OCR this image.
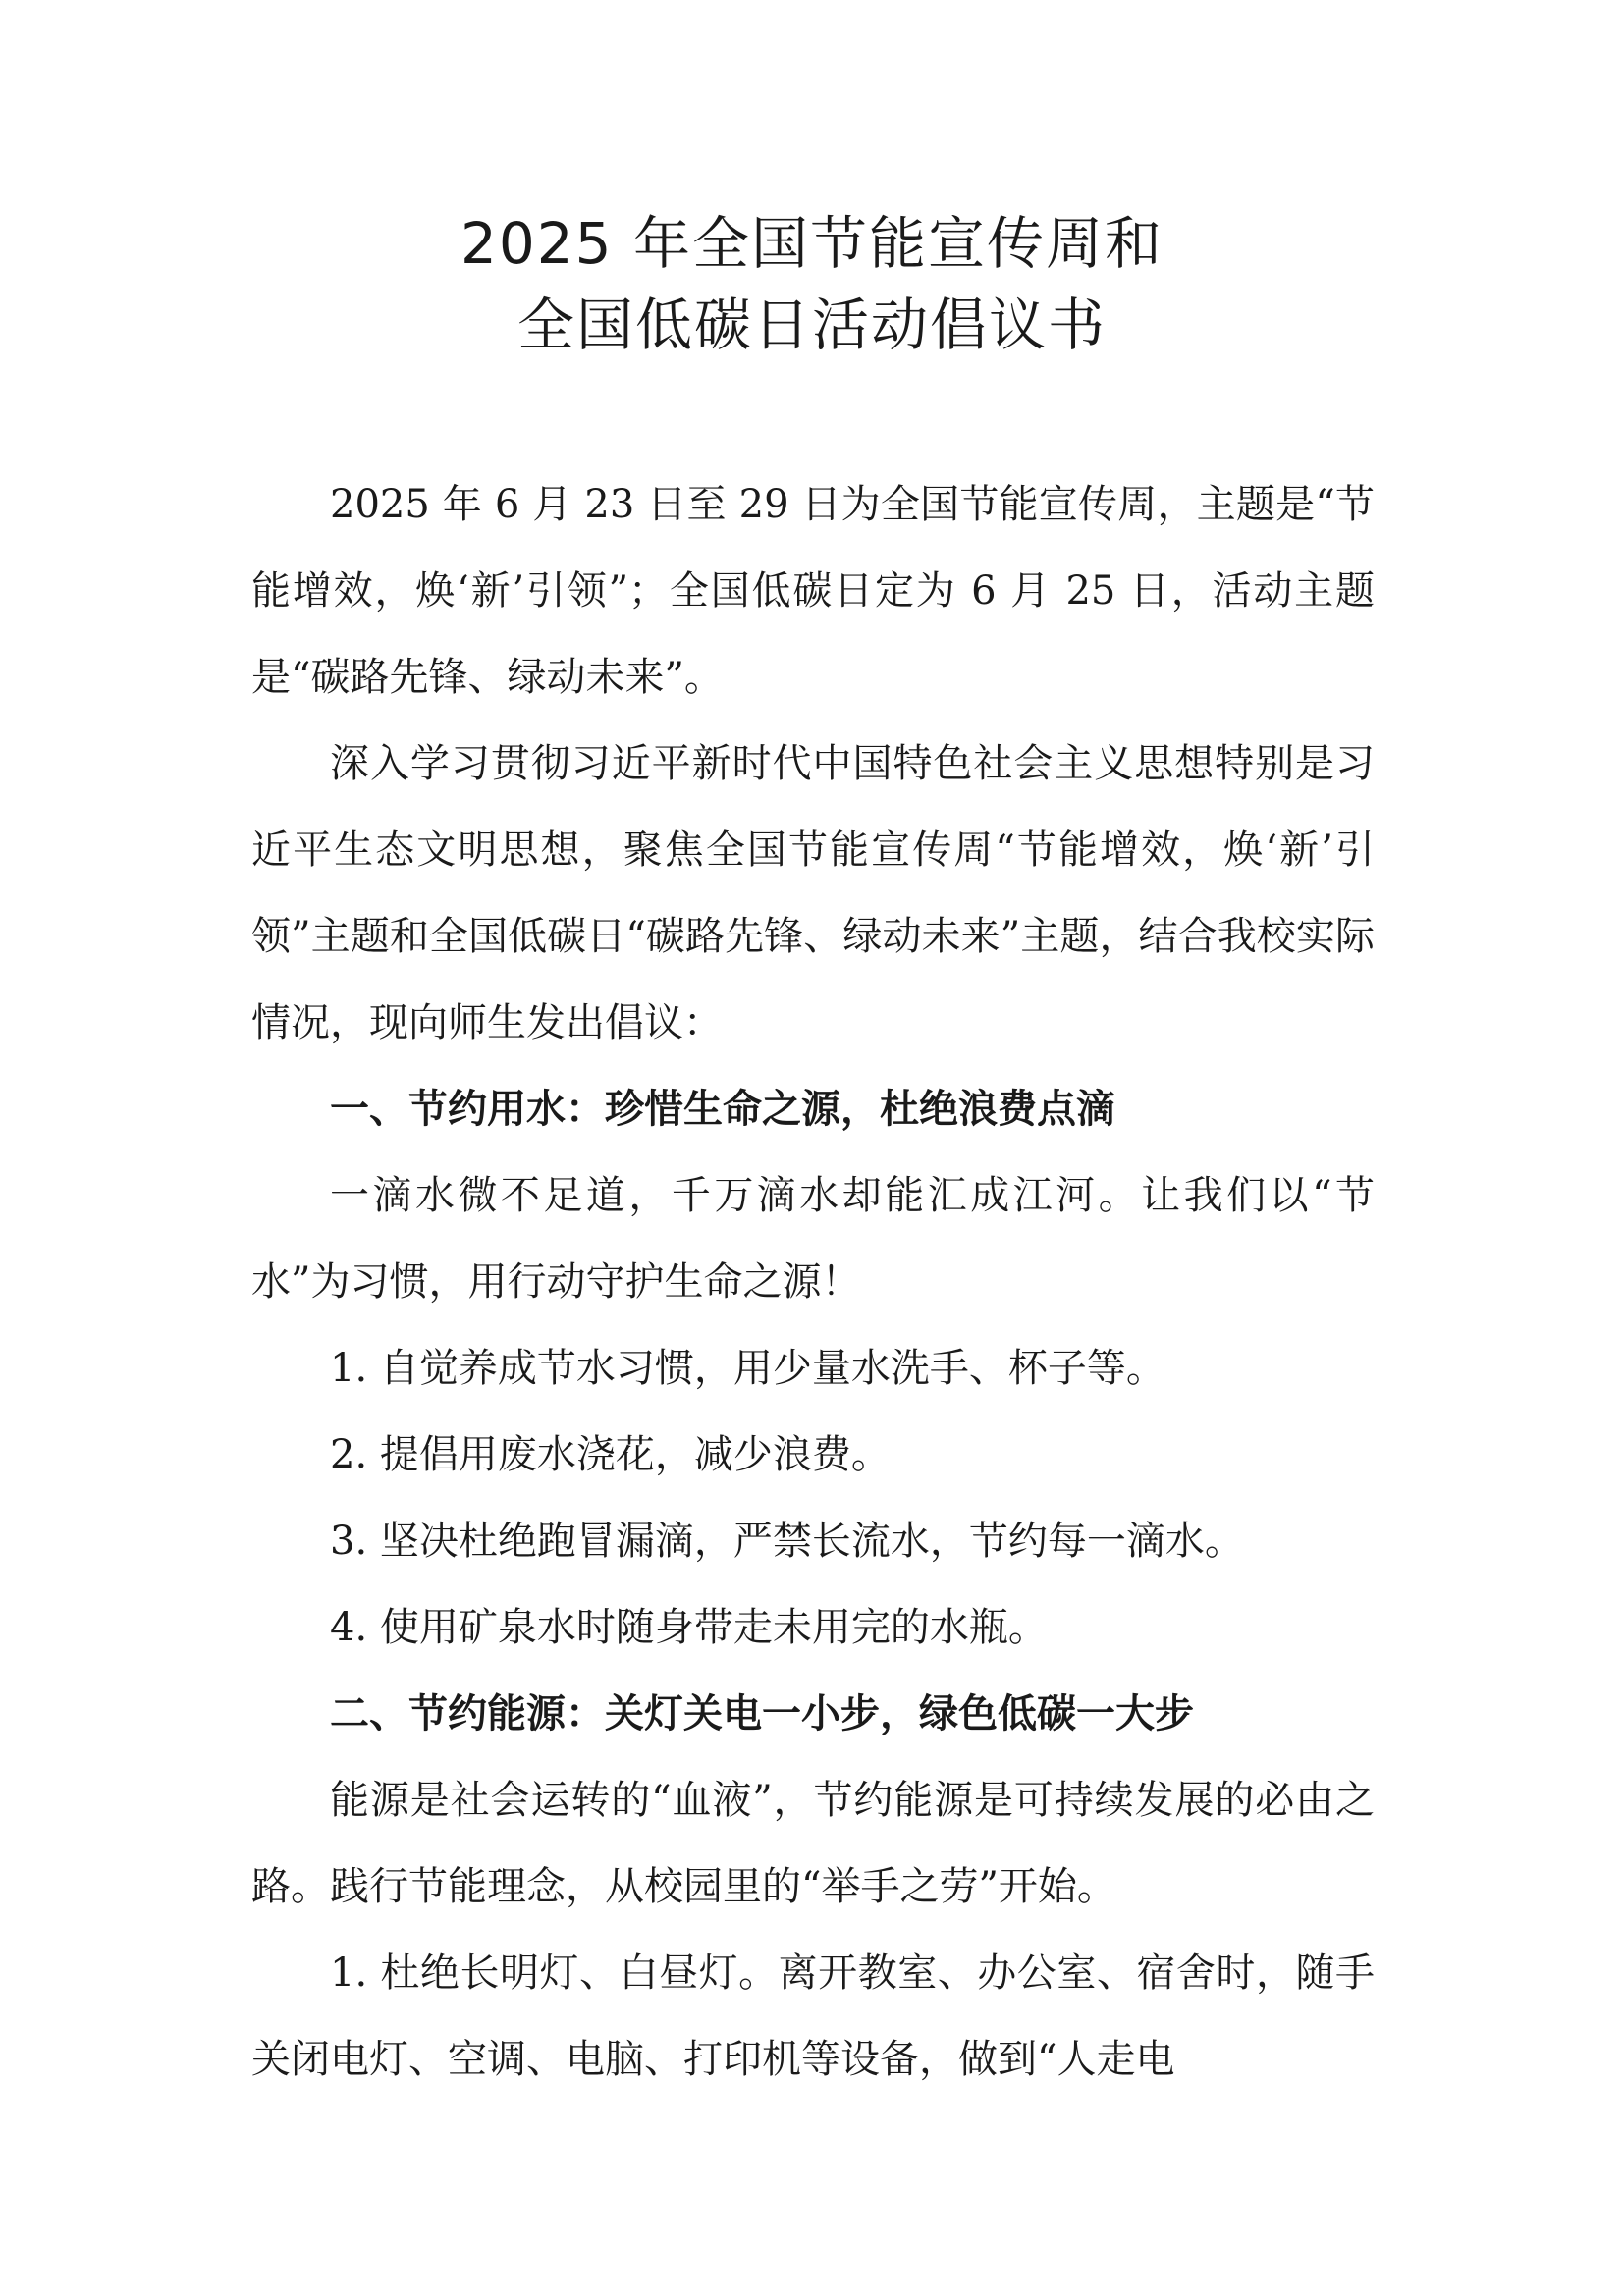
2025 年全国节能宣传周和
全国低碳日活动倡议书

2025 年 6 月 23 日至 29 日为全国节能宣传周，主题是“节能增效，焕‘新’引领”；全国低碳日定为 6 月 25 日，活动主题是“碳路先锋、绿动未来”。

深入学习贯彻习近平新时代中国特色社会主义思想特别是习近平生态文明思想，聚焦全国节能宣传周“节能增效，焕‘新’引领”主题和全国低碳日“碳路先锋、绿动未来”主题，结合我校实际情况，现向师生发出倡议：

一、节约用水：珍惜生命之源，杜绝浪费点滴

一滴水微不足道，千万滴水却能汇成江河。让我们以“节水”为习惯，用行动守护生命之源！

1. 自觉养成节水习惯，用少量水洗手、杯子等。

2. 提倡用废水浇花，减少浪费。

3. 坚决杜绝跑冒漏滴，严禁长流水，节约每一滴水。

4. 使用矿泉水时随身带走未用完的水瓶。

二、节约能源：关灯关电一小步，绿色低碳一大步

能源是社会运转的“血液”，节约能源是可持续发展的必由之路。践行节能理念，从校园里的“举手之劳”开始。

1. 杜绝长明灯、白昼灯。离开教室、办公室、宿舍时，随手关闭电灯、空调、电脑、打印机等设备，做到“人走电
